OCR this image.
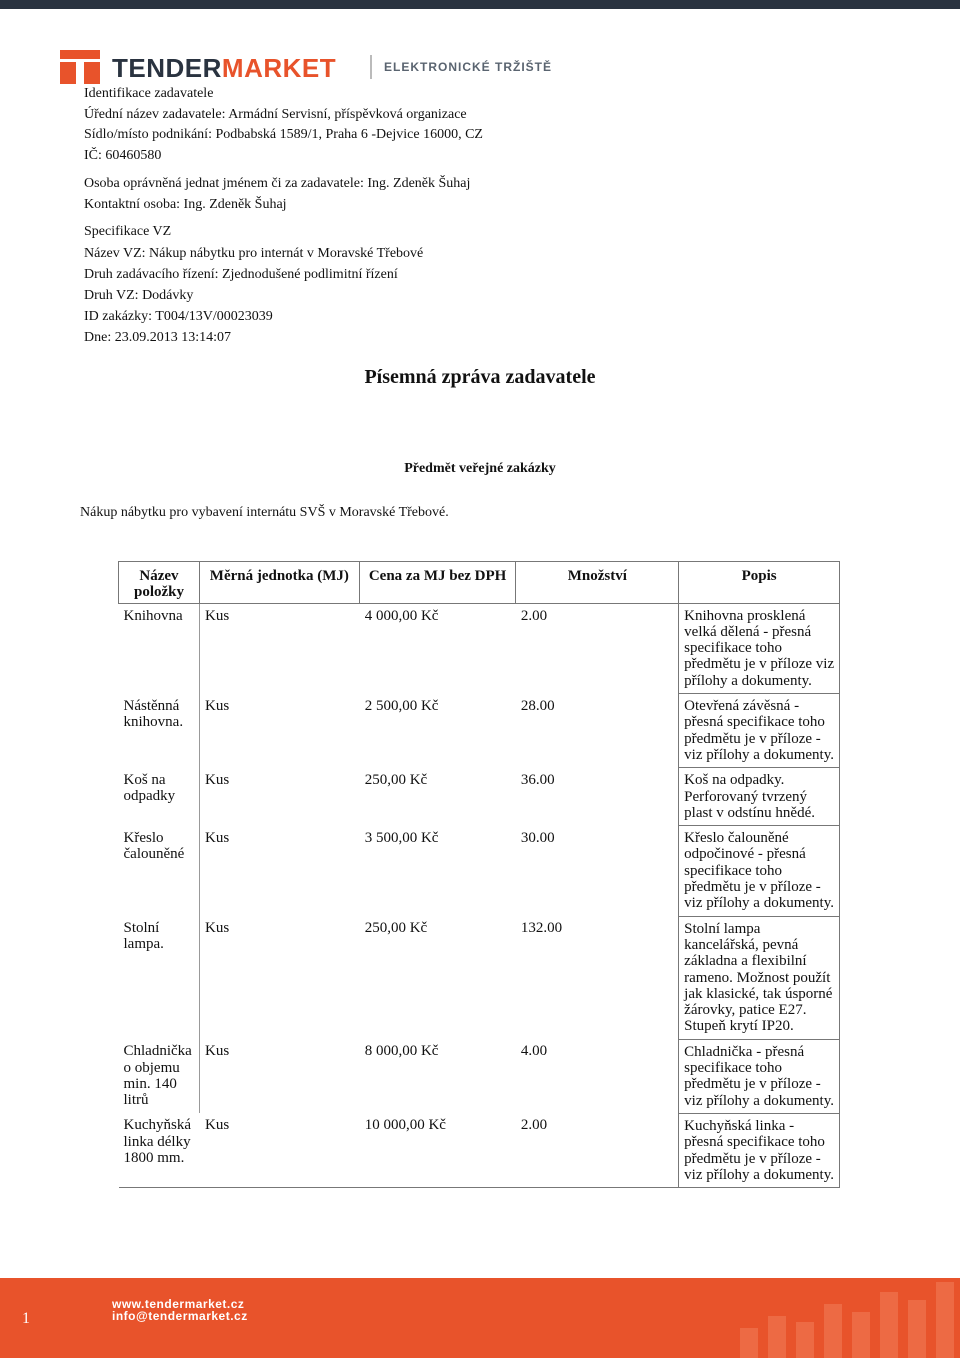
TENDERMARKET	ELEKTRONICKÉ TRŽIŠTĚ
Identifikace zadavatele
Úřední název zadavatele: Armádní Servisní, příspěvková organizace
Sídlo/místo podnikání: Podbabská 1589/1, Praha 6 -Dejvice 16000, CZ
IČ: 60460580
Osoba oprávněná jednat jménem či za zadavatele: Ing. Zdeněk Šuhaj
Kontaktní osoba: Ing. Zdeněk Šuhaj
Specifikace VZ
Název VZ: Nákup nábytku pro internát v Moravské Třebové
Druh zadávacího řízení: Zjednodušené podlimitní řízení
Druh VZ: Dodávky
ID zakázky: T004/13V/00023039
Dne: 23.09.2013 13:14:07
Písemná zpráva zadavatele
Předmět veřejné zakázky
Nákup nábytku pro vybavení internátu SVŠ v Moravské Třebové.
Název položky	Měrná jednotka (MJ)	Cena za MJ bez DPH	Množství	Popis
Knihovna	Kus	4 000,00 Kč	2.00	Knihovna prosklená velká dělená - přesná specifikace toho předmětu je v příloze viz přílohy a dokumenty.
Nástěnná knihovna.	Kus	2 500,00 Kč	28.00	Otevřená závěsná - přesná specifikace toho předmětu je v příloze - viz přílohy a dokumenty.
Koš na odpadky	Kus	250,00 Kč	36.00	Koš na odpadky. Perforovaný tvrzený plast v odstínu hnědé.
Křeslo čalouněné	Kus	3 500,00 Kč	30.00	Křeslo čalouněné odpočinové - přesná specifikace toho předmětu je v příloze - viz přílohy a dokumenty.
Stolní lampa.	Kus	250,00 Kč	132.00	Stolní lampa kancelářská, pevná základna a flexibilní rameno. Možnost použít jak klasické, tak úsporné žárovky, patice E27. Stupeň krytí IP20.
Chladnička o objemu min. 140 litrů	Kus	8 000,00 Kč	4.00	Chladnička - přesná specifikace toho předmětu je v příloze - viz přílohy a dokumenty.
Kuchyňská linka délky 1800 mm.	Kus	10 000,00 Kč	2.00	Kuchyňská linka - přesná specifikace toho předmětu je v příloze - viz přílohy a dokumenty.
1
www.tendermarket.cz
info@tendermarket.cz
